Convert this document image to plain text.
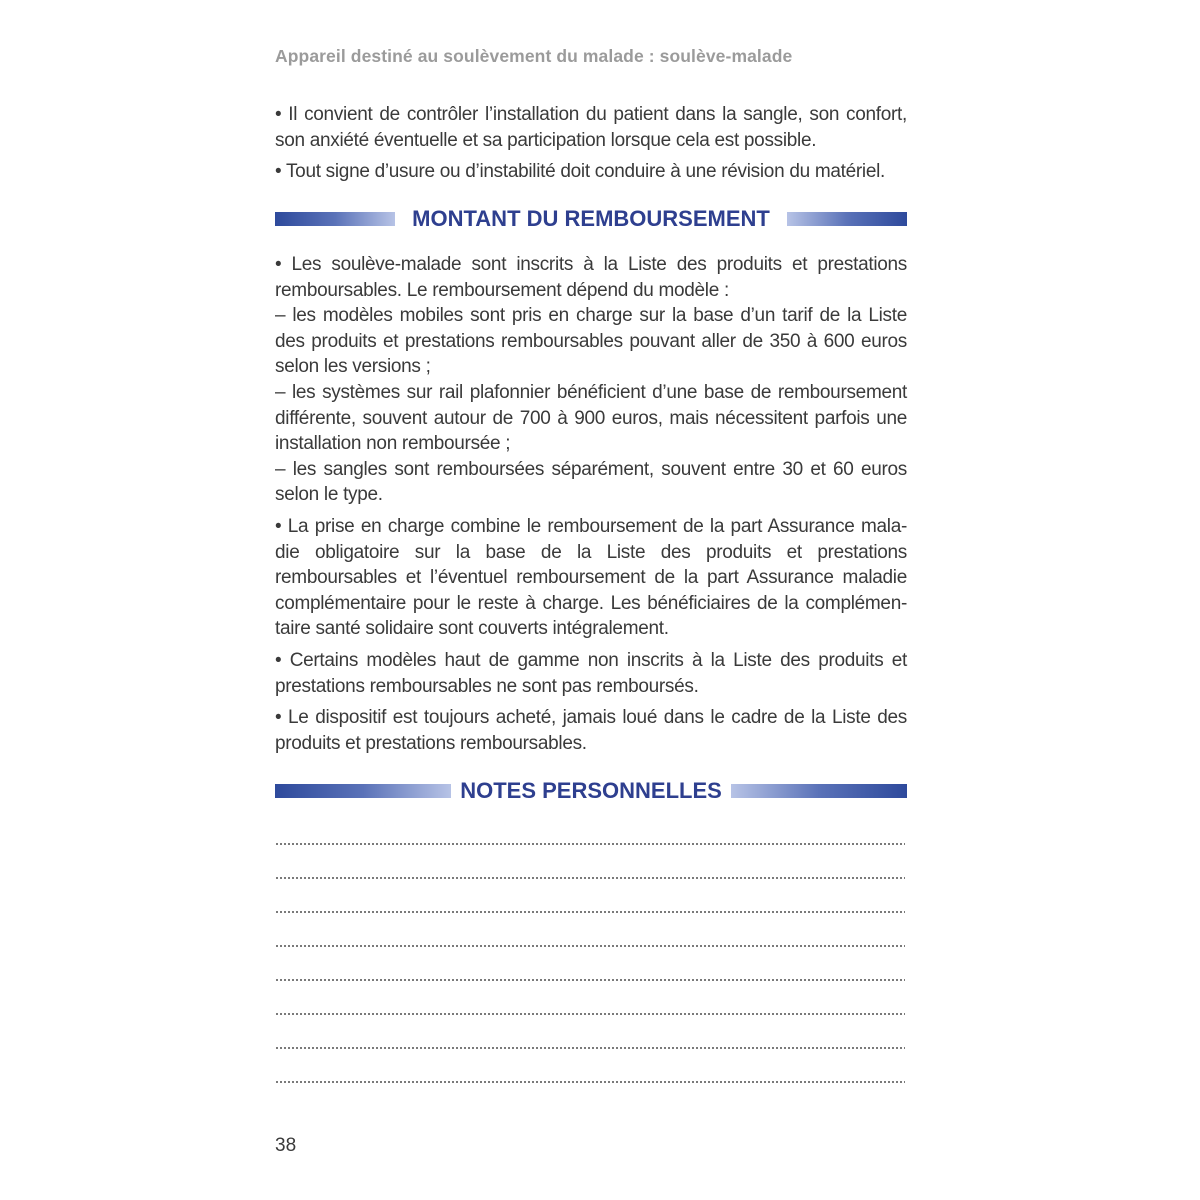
Appareil destiné au soulèvement du malade : soulève-malade

• Il convient de contrôler l’installation du patient dans la sangle, son confort,
son anxiété éventuelle et sa participation lorsque cela est possible.

• Tout signe d’usure ou d’instabilité doit conduire à une révision du matériel.

MONTANT DU REMBOURSEMENT

• Les soulève-malade sont inscrits à la Liste des produits et prestations
remboursables. Le remboursement dépend du modèle :
– les modèles mobiles sont pris en charge sur la base d’un tarif de la Liste
des produits et prestations remboursables pouvant aller de 350 à 600 euros
selon les versions ;
– les systèmes sur rail plafonnier bénéficient d’une base de remboursement
différente, souvent autour de 700 à 900 euros, mais nécessitent parfois une
installation non remboursée ;
– les sangles sont remboursées séparément, souvent entre 30 et 60 euros
selon le type.

• La prise en charge combine le remboursement de la part Assurance mala-
die obligatoire sur la base de la Liste des produits et prestations
remboursables et l’éventuel remboursement de la part Assurance maladie
complémentaire pour le reste à charge. Les bénéficiaires de la complémen-
taire santé solidaire sont couverts intégralement.

• Certains modèles haut de gamme non inscrits à la Liste des produits et
prestations remboursables ne sont pas remboursés.

• Le dispositif est toujours acheté, jamais loué dans le cadre de la Liste des
produits et prestations remboursables.

NOTES PERSONNELLES
38
